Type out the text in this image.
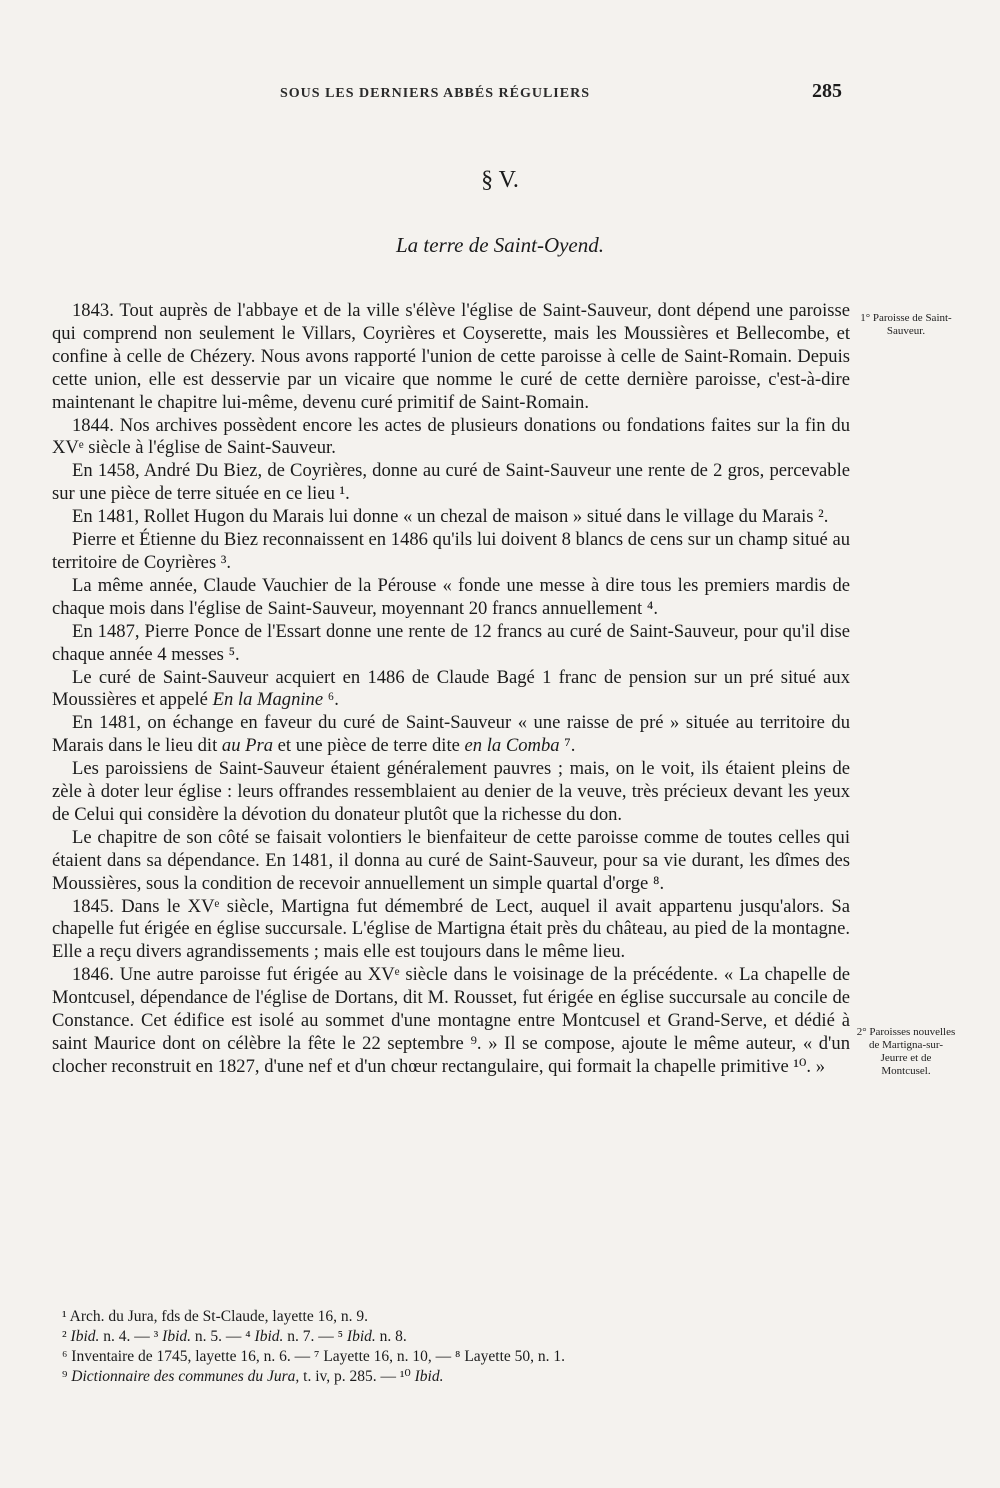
SOUS LES DERNIERS ABBÉS RÉGULIERS	285
§ V.
La terre de Saint-Oyend.
1° Paroisse de Saint-Sauveur.
2° Paroisses nouvelles de Martigna-sur-Jeurre et de Montcusel.

1843. Tout auprès de l'abbaye et de la ville s'élève l'église de Saint-Sauveur, dont dépend une paroisse qui comprend non seulement le Villars, Coyrières et Coyserette, mais les Moussières et Bellecombe, et confine à celle de Chézery. Nous avons rapporté l'union de cette paroisse à celle de Saint-Romain. Depuis cette union, elle est desservie par un vicaire que nomme le curé de cette dernière paroisse, c'est-à-dire maintenant le chapitre lui-même, devenu curé primitif de Saint-Romain.

1844. Nos archives possèdent encore les actes de plusieurs donations ou fondations faites sur la fin du XVᵉ siècle à l'église de Saint-Sauveur.

En 1458, André Du Biez, de Coyrières, donne au curé de Saint-Sauveur une rente de 2 gros, percevable sur une pièce de terre située en ce lieu ¹.

En 1481, Rollet Hugon du Marais lui donne « un chezal de maison » situé dans le village du Marais ².

Pierre et Étienne du Biez reconnaissent en 1486 qu'ils lui doivent 8 blancs de cens sur un champ situé au territoire de Coyrières ³.

La même année, Claude Vauchier de la Pérouse « fonde une messe à dire tous les premiers mardis de chaque mois dans l'église de Saint-Sauveur, moyennant 20 francs annuellement ⁴.

En 1487, Pierre Ponce de l'Essart donne une rente de 12 francs au curé de Saint-Sauveur, pour qu'il dise chaque année 4 messes ⁵.

Le curé de Saint-Sauveur acquiert en 1486 de Claude Bagé 1 franc de pension sur un pré situé aux Moussières et appelé En la Magnine ⁶.

En 1481, on échange en faveur du curé de Saint-Sauveur « une raisse de pré » située au territoire du Marais dans le lieu dit au Pra et une pièce de terre dite en la Comba ⁷.

Les paroissiens de Saint-Sauveur étaient généralement pauvres ; mais, on le voit, ils étaient pleins de zèle à doter leur église : leurs offrandes ressemblaient au denier de la veuve, très précieux devant les yeux de Celui qui considère la dévotion du donateur plutôt que la richesse du don.

Le chapitre de son côté se faisait volontiers le bienfaiteur de cette paroisse comme de toutes celles qui étaient dans sa dépendance. En 1481, il donna au curé de Saint-Sauveur, pour sa vie durant, les dîmes des Moussières, sous la condition de recevoir annuellement un simple quartal d'orge ⁸.

1845. Dans le XVᵉ siècle, Martigna fut démembré de Lect, auquel il avait appartenu jusqu'alors. Sa chapelle fut érigée en église succursale. L'église de Martigna était près du château, au pied de la montagne. Elle a reçu divers agrandissements ; mais elle est toujours dans le même lieu.

1846. Une autre paroisse fut érigée au XVᵉ siècle dans le voisinage de la précédente. « La chapelle de Montcusel, dépendance de l'église de Dortans, dit M. Rousset, fut érigée en église succursale au concile de Constance. Cet édifice est isolé au sommet d'une montagne entre Montcusel et Grand-Serve, et dédié à saint Maurice dont on célèbre la fête le 22 septembre ⁹. » Il se compose, ajoute le même auteur, « d'un clocher reconstruit en 1827, d'une nef et d'un chœur rectangulaire, qui formait la chapelle primitive ¹⁰. »

¹ Arch. du Jura, fds de St-Claude, layette 16, n. 9.
² Ibid. n. 4. — ³ Ibid. n. 5. — ⁴ Ibid. n. 7. — ⁵ Ibid. n. 8.
⁶ Inventaire de 1745, layette 16, n. 6. — ⁷ Layette 16, n. 10, — ⁸ Layette 50, n. 1.
⁹ Dictionnaire des communes du Jura, t. iv, p. 285. — ¹⁰ Ibid.
